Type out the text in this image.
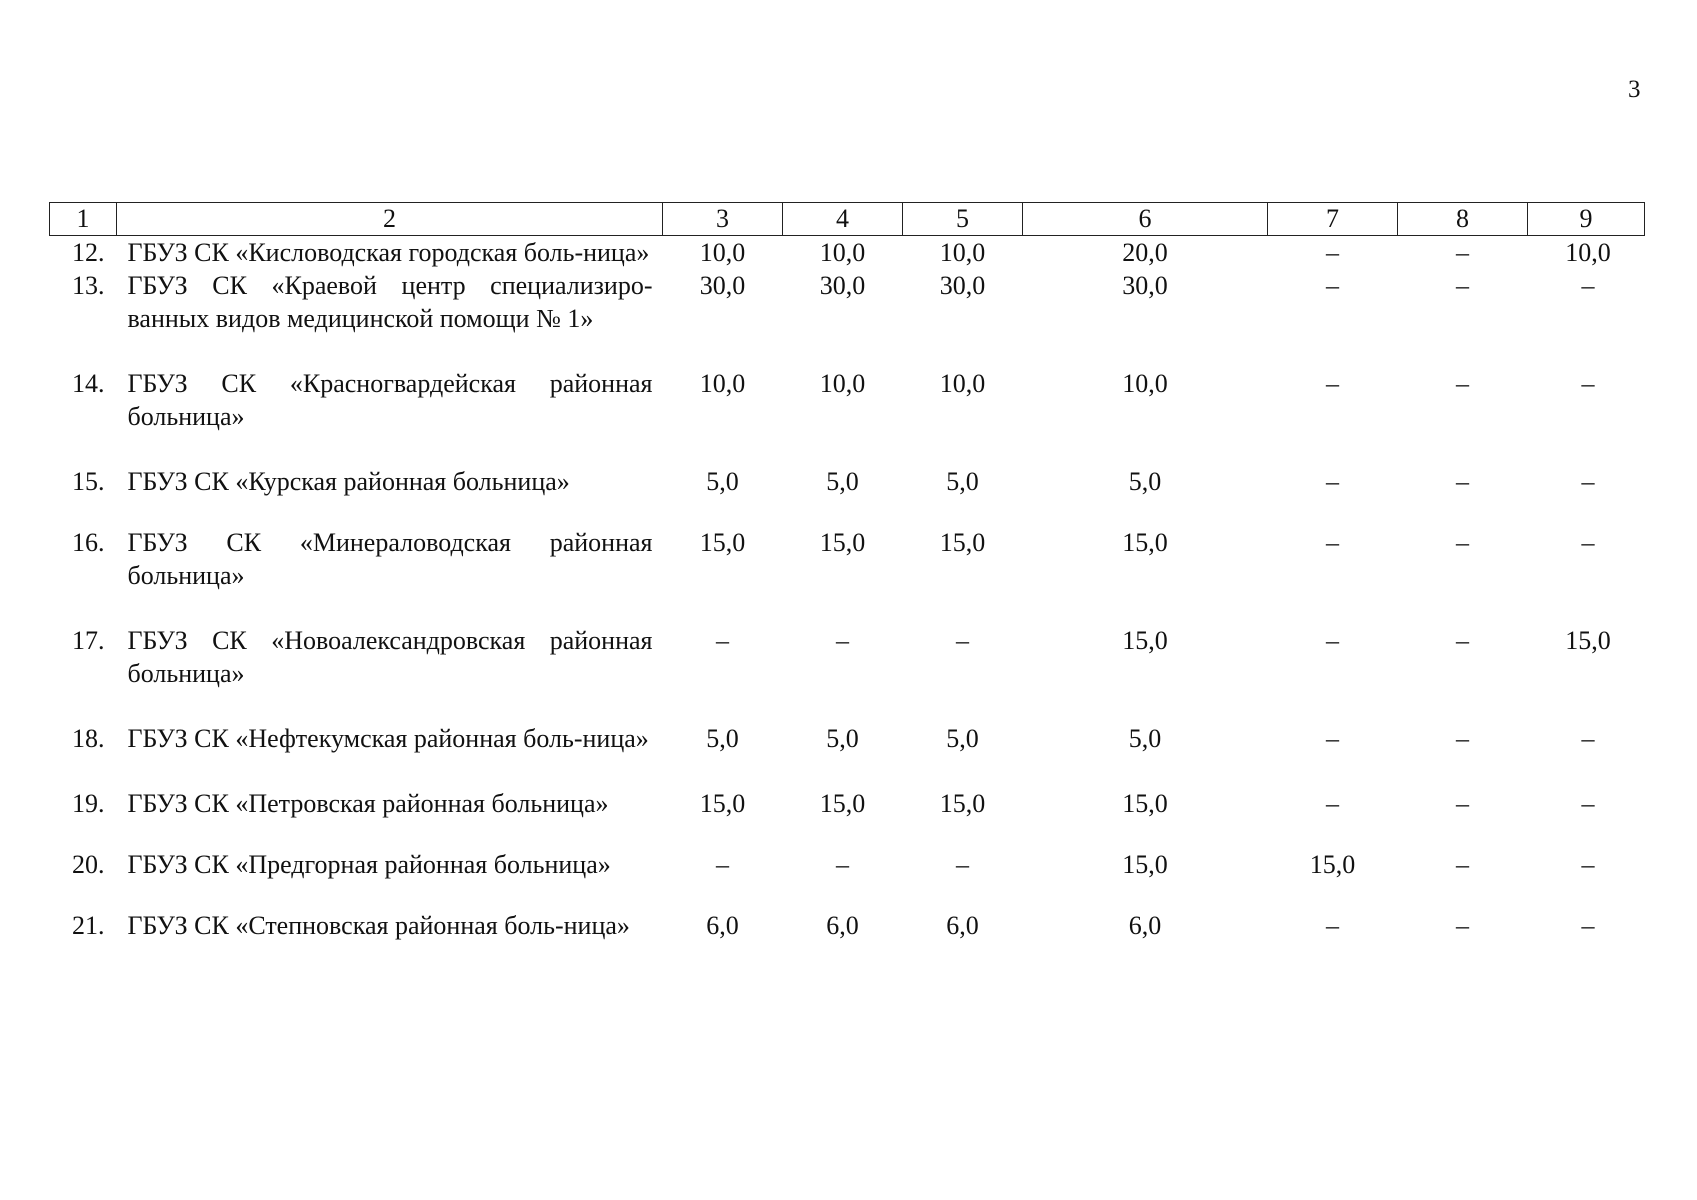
3
1	2	3	4	5	6	7	8	9
12.	ГБУЗ СК «Кисловодская городская боль-ница»	10,0	10,0	10,0	20,0	–	–	10,0
13.	ГБУЗ СК «Краевой центр специализиро-ванных видов медицинской помощи № 1»	30,0	30,0	30,0	30,0	–	–	–
14.	ГБУЗ СК «Красногвардейская районная больница»	10,0	10,0	10,0	10,0	–	–	–
15.	ГБУЗ СК «Курская районная больница»	5,0	5,0	5,0	5,0	–	–	–
16.	ГБУЗ СК «Минераловодская районная больница»	15,0	15,0	15,0	15,0	–	–	–
17.	ГБУЗ СК «Новоалександровская районная больница»	–	–	–	15,0	–	–	15,0
18.	ГБУЗ СК «Нефтекумская районная боль-ница»	5,0	5,0	5,0	5,0	–	–	–
19.	ГБУЗ СК «Петровская районная больница»	15,0	15,0	15,0	15,0	–	–	–
20.	ГБУЗ СК «Предгорная районная больница»	–	–	–	15,0	15,0	–	–
21.	ГБУЗ СК «Степновская районная боль-ница»	6,0	6,0	6,0	6,0	–	–	–
